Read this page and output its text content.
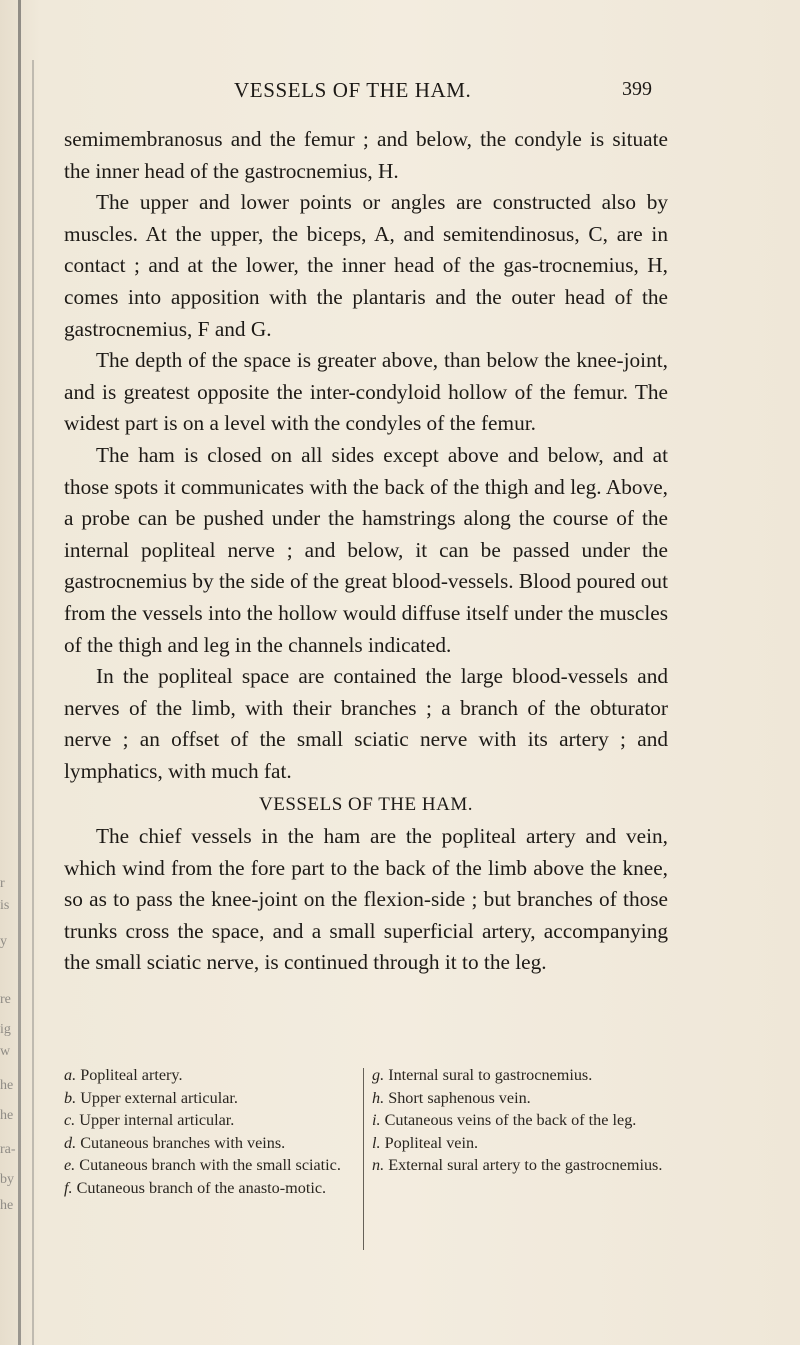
r
is
y
re
ig
w
he
he
ra-
by
he
VESSELS OF THE HAM.	399

semimembranosus and the femur ; and below, the condyle is situate the inner head of the gastrocnemius, H.

The upper and lower points or angles are constructed also by muscles. At the upper, the biceps, A, and semitendinosus, C, are in contact ; and at the lower, the inner head of the gas-trocnemius, H, comes into apposition with the plantaris and the outer head of the gastrocnemius, F and G.

The depth of the space is greater above, than below the knee-joint, and is greatest opposite the inter-condyloid hollow of the femur. The widest part is on a level with the condyles of the femur.

The ham is closed on all sides except above and below, and at those spots it communicates with the back of the thigh and leg. Above, a probe can be pushed under the hamstrings along the course of the internal popliteal nerve ; and below, it can be passed under the gastrocnemius by the side of the great blood-vessels. Blood poured out from the vessels into the hollow would diffuse itself under the muscles of the thigh and leg in the channels indicated.

In the popliteal space are contained the large blood-vessels and nerves of the limb, with their branches ; a branch of the obturator nerve ; an offset of the small sciatic nerve with its artery ; and lymphatics, with much fat.

VESSELS OF THE HAM.

The chief vessels in the ham are the popliteal artery and vein, which wind from the fore part to the back of the limb above the knee, so as to pass the knee-joint on the flexion-side ; but branches of those trunks cross the space, and a small superficial artery, accompanying the small sciatic nerve, is continued through it to the leg.

a. Popliteal artery.

b. Upper external articular.

c. Upper internal articular.

d. Cutaneous branches with veins.

e. Cutaneous branch with the small sciatic.

f. Cutaneous branch of the anasto-motic.

g. Internal sural to gastrocnemius.

h. Short saphenous vein.

i. Cutaneous veins of the back of the leg.

l. Popliteal vein.

n. External sural artery to the gastrocnemius.
